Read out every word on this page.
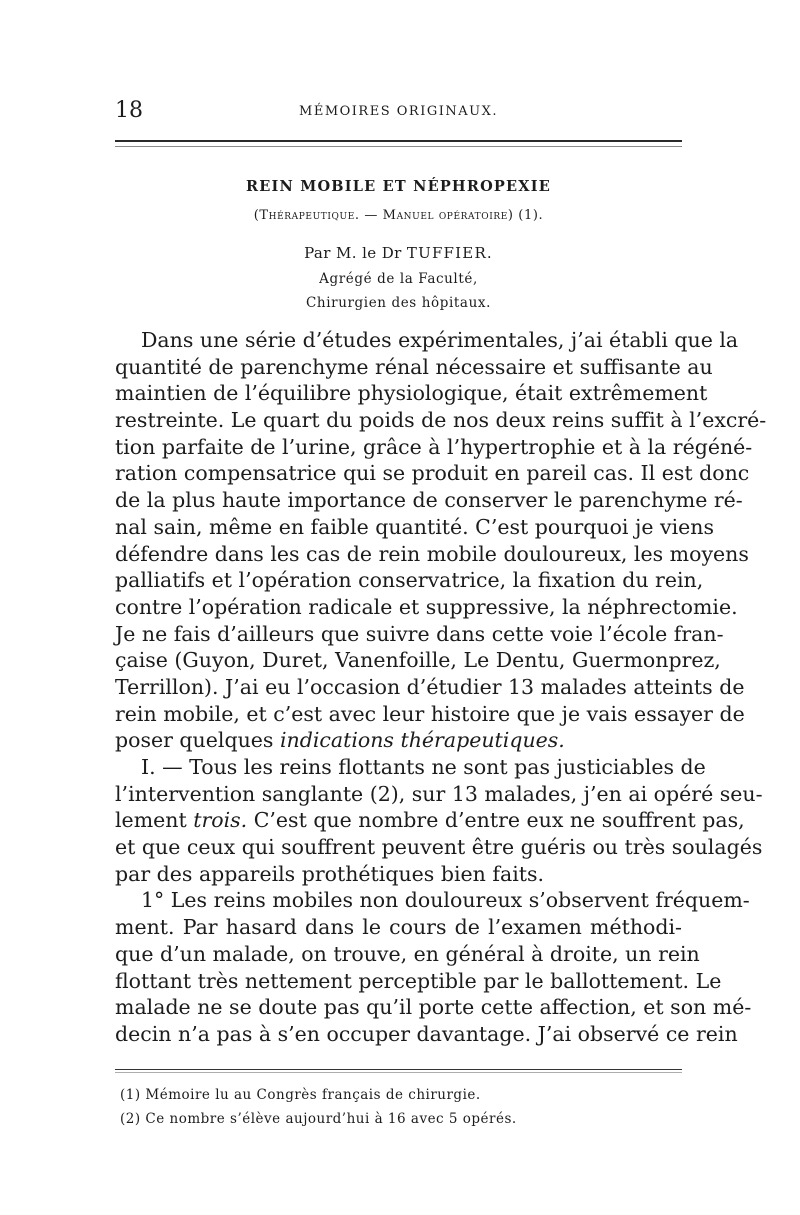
18	MÉMOIRES ORIGINAUX.
REIN MOBILE ET NÉPHROPEXIE
(Thérapeutique. — Manuel opératoire) (1).
Par M. le Dr TUFFIER.
Agrégé de la Faculté,
Chirurgien des hôpitaux.
Dans une série d’études expérimentales, j’ai établi que la
quantité de parenchyme rénal nécessaire et suffisante au
maintien de l’équilibre physiologique, était extrêmement
restreinte. Le quart du poids de nos deux reins suffit à l’excré-
tion parfaite de l’urine, grâce à l’hypertrophie et à la régéné-
ration compensatrice qui se produit en pareil cas. Il est donc
de la plus haute importance de conserver le parenchyme ré-
nal sain, même en faible quantité. C’est pourquoi je viens
défendre dans les cas de rein mobile douloureux, les moyens
palliatifs et l’opération conservatrice, la fixation du rein,
contre l’opération radicale et suppressive, la néphrectomie.
Je ne fais d’ailleurs que suivre dans cette voie l’école fran-
çaise (Guyon, Duret, Vanenfoille, Le Dentu, Guermonprez,
Terrillon). J’ai eu l’occasion d’étudier 13 malades atteints de
rein mobile, et c’est avec leur histoire que je vais essayer de
poser quelques indications thérapeutiques.
I. — Tous les reins flottants ne sont pas justiciables de
l’intervention sanglante (2), sur 13 malades, j’en ai opéré seu-
lement trois. C’est que nombre d’entre eux ne souffrent pas,
et que ceux qui souffrent peuvent être guéris ou très soulagés
par des appareils prothétiques bien faits.
1° Les reins mobiles non douloureux s’observent fréquem-
ment. Par hasard dans le cours de l’examen méthodi-
que d’un malade, on trouve, en général à droite, un rein
flottant très nettement perceptible par le ballottement. Le
malade ne se doute pas qu’il porte cette affection, et son mé-
decin n’a pas à s’en occuper davantage. J’ai observé ce rein
(1) Mémoire lu au Congrès français de chirurgie.
(2) Ce nombre s’élève aujourd’hui à 16 avec 5 opérés.
